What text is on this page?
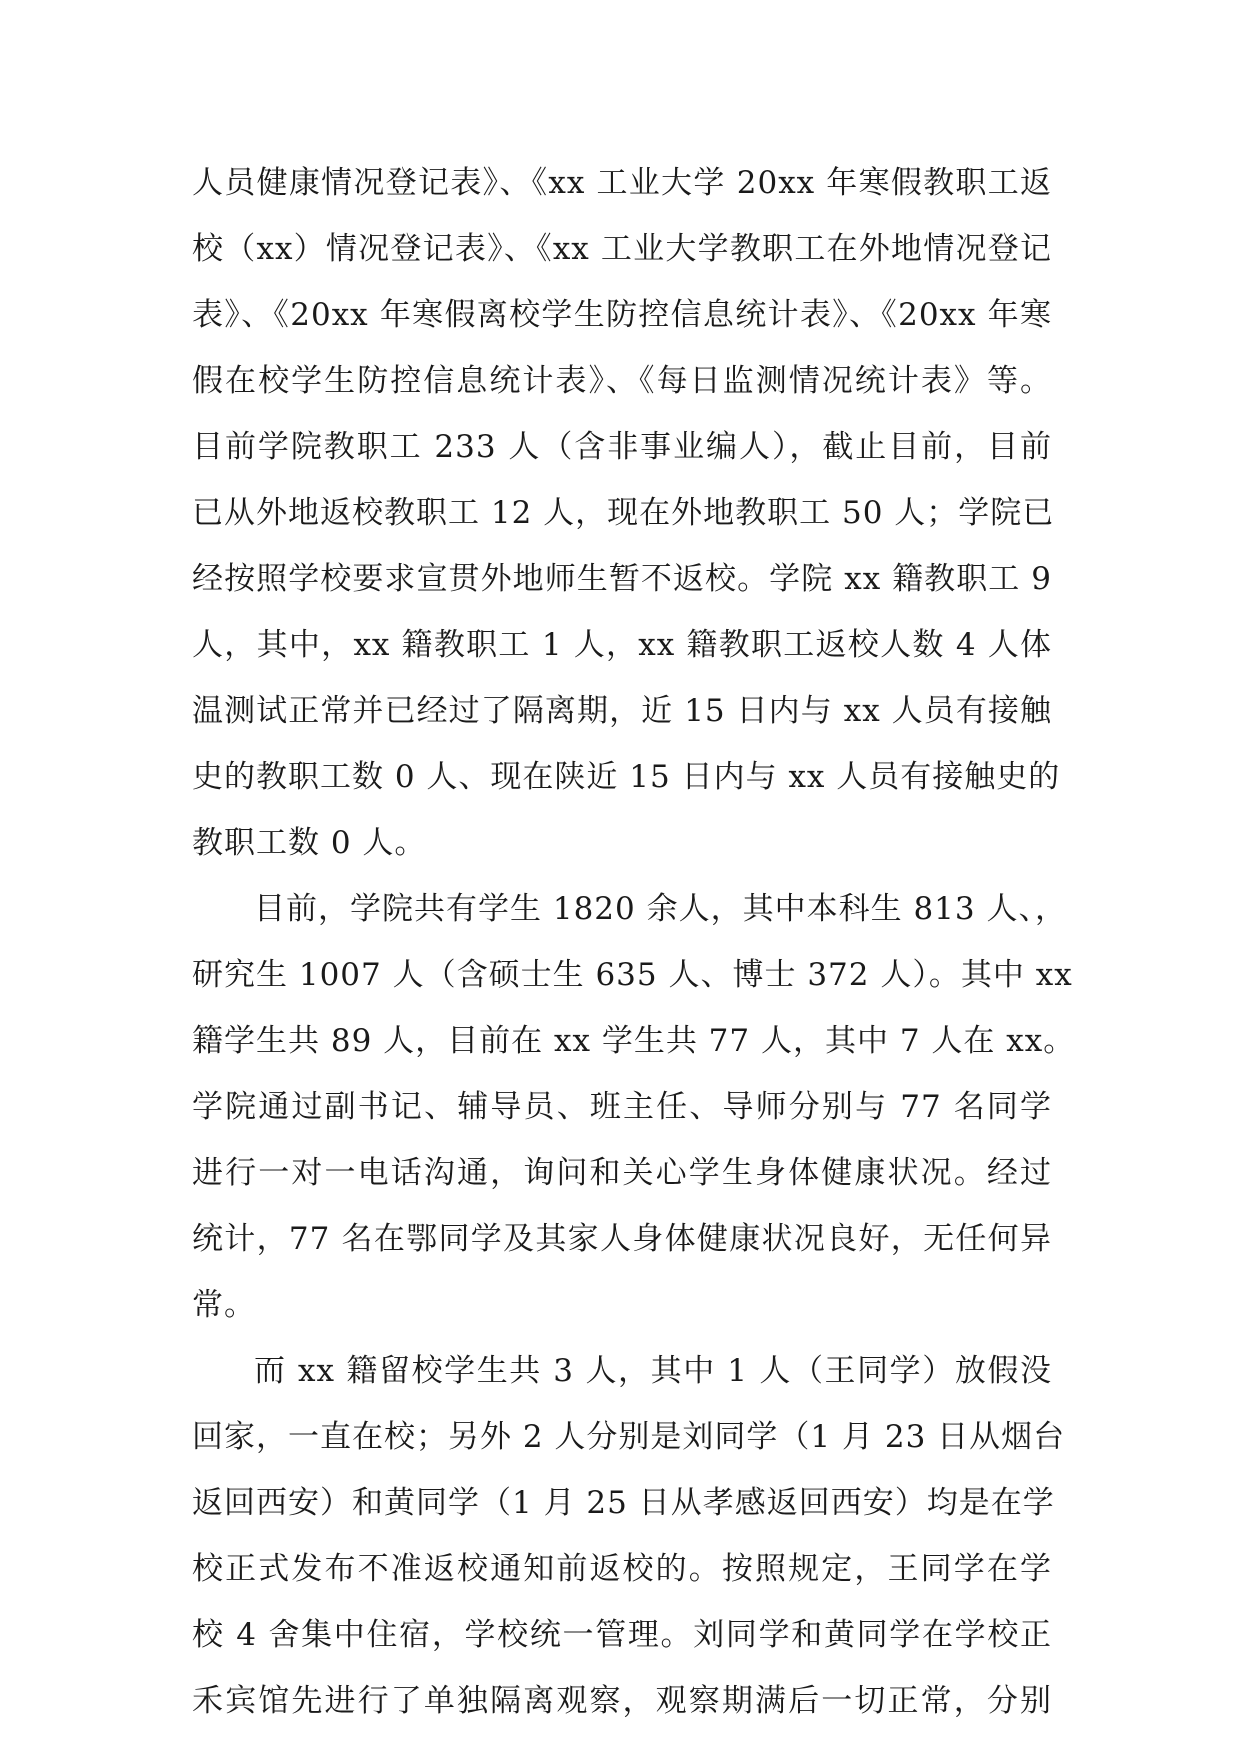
人员健康情况登记表》、《xx 工业大学 20xx 年寒假教职工返
校（xx）情况登记表》、《xx 工业大学教职工在外地情况登记
表》、《20xx 年寒假离校学生防控信息统计表》、《20xx 年寒
假在校学生防控信息统计表》、《每日监测情况统计表》等。
目前学院教职工 233 人（含非事业编人），截止目前，目前
已从外地返校教职工 12 人，现在外地教职工 50 人；学院已
经按照学校要求宣贯外地师生暂不返校。学院 xx 籍教职工 9
人，其中，xx 籍教职工 1 人，xx 籍教职工返校人数 4 人体
温测试正常并已经过了隔离期，近 15 日内与 xx 人员有接触
史的教职工数 0 人、现在陕近 15 日内与 xx 人员有接触史的
教职工数 0 人。
目前，学院共有学生 1820 余人，其中本科生 813 人、，
研究生 1007 人（含硕士生 635 人、博士 372 人）。其中 xx
籍学生共 89 人，目前在 xx 学生共 77 人，其中 7 人在 xx。
学院通过副书记、辅导员、班主任、导师分别与 77 名同学
进行一对一电话沟通，询问和关心学生身体健康状况。经过
统计，77 名在鄂同学及其家人身体健康状况良好，无任何异
常。
而 xx 籍留校学生共 3 人，其中 1 人（王同学）放假没
回家，一直在校；另外 2 人分别是刘同学（1 月 23 日从烟台
返回西安）和黄同学（1 月 25 日从孝感返回西安）均是在学
校正式发布不准返校通知前返校的。按照规定，王同学在学
校 4 舍集中住宿，学校统一管理。刘同学和黄同学在学校正
禾宾馆先进行了单独隔离观察，观察期满后一切正常，分别
